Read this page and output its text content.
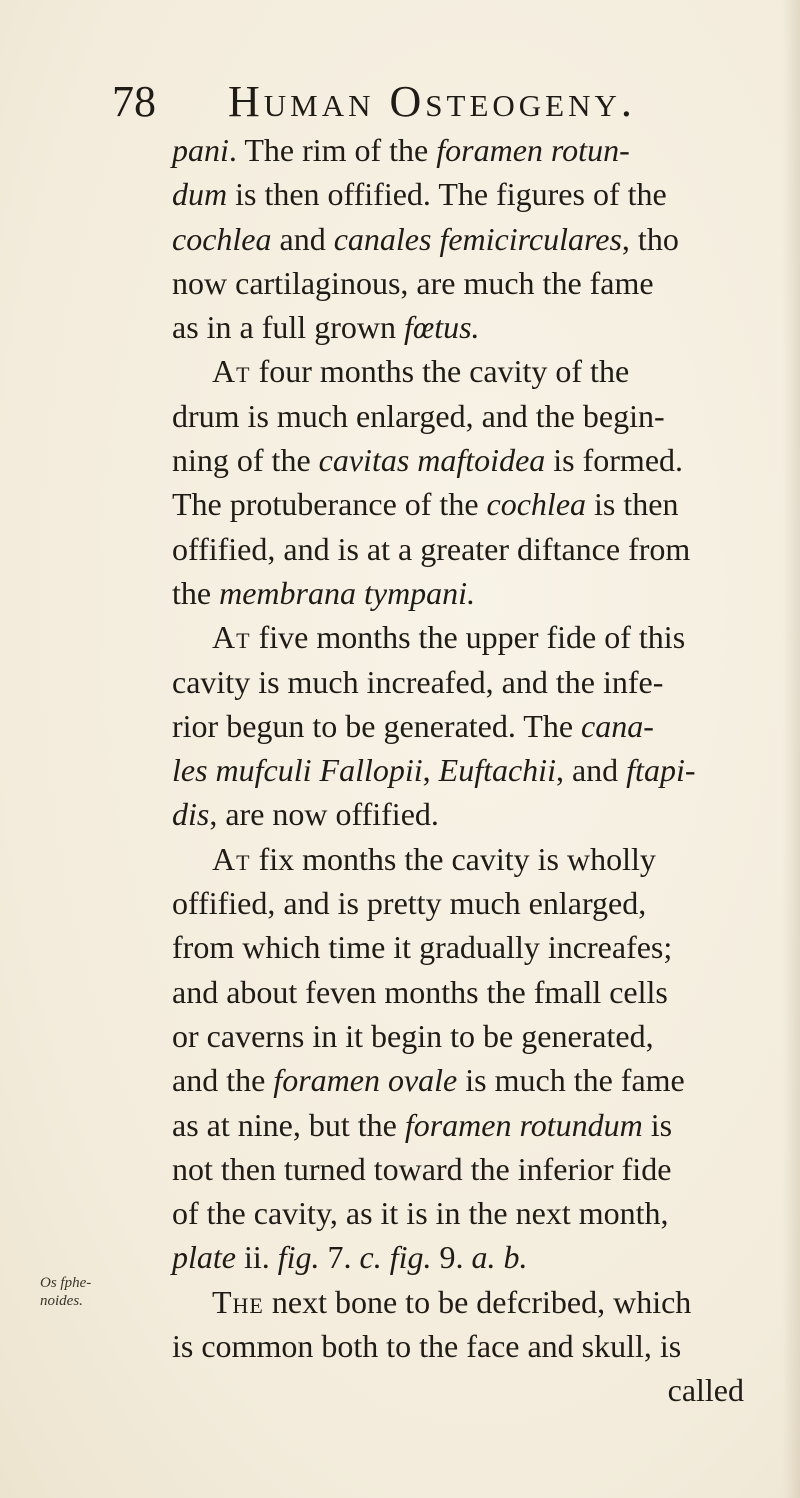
78 Human Osteogeny.
Os fphe-
noides.
pani. The rim of the foramen rotun-
dum is then offified. The figures of the
cochlea and canales femicirculares, tho
now cartilaginous, are much the fame
as in a full grown fœtus.
At four months the cavity of the
drum is much enlarged, and the begin-
ning of the cavitas maftoidea is formed.
The protuberance of the cochlea is then
offified, and is at a greater diftance from
the membrana tympani.
At five months the upper fide of this
cavity is much increafed, and the infe-
rior begun to be generated. The cana-
les mufculi Fallopii, Euftachii, and ftapi-
dis, are now offified.
At fix months the cavity is wholly
offified, and is pretty much enlarged,
from which time it gradually increafes;
and about feven months the fmall cells
or caverns in it begin to be generated,
and the foramen ovale is much the fame
as at nine, but the foramen rotundum is
not then turned toward the inferior fide
of the cavity, as it is in the next month,
plate ii. fig. 7. c. fig. 9. a. b.
The next bone to be defcribed, which
is common both to the face and skull, is
called
